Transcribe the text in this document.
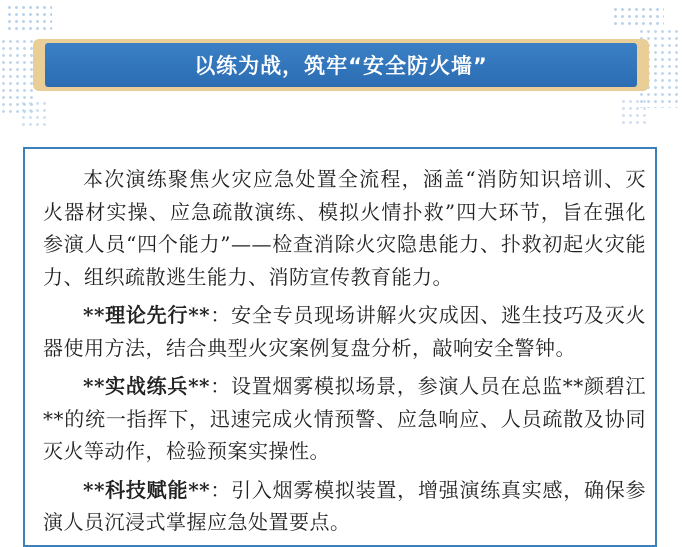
以练为战，筑牢“安全防火墙”

本次演练聚焦火灾应急处置全流程，涵盖“消防知识培训、灭火器材实操、应急疏散演练、模拟火情扑救”四大环节，旨在强化参演人员“四个能力”——检查消除火灾隐患能力、扑救初起火灾能力、组织疏散逃生能力、消防宣传教育能力。

**理论先行**：安全专员现场讲解火灾成因、逃生技巧及灭火器使用方法，结合典型火灾案例复盘分析，敲响安全警钟。

**实战练兵**：设置烟雾模拟场景，参演人员在总监**颜碧江**的统一指挥下，迅速完成火情预警、应急响应、人员疏散及协同灭火等动作，检验预案实操性。

**科技赋能**：引入烟雾模拟装置，增强演练真实感，确保参演人员沉浸式掌握应急处置要点。
